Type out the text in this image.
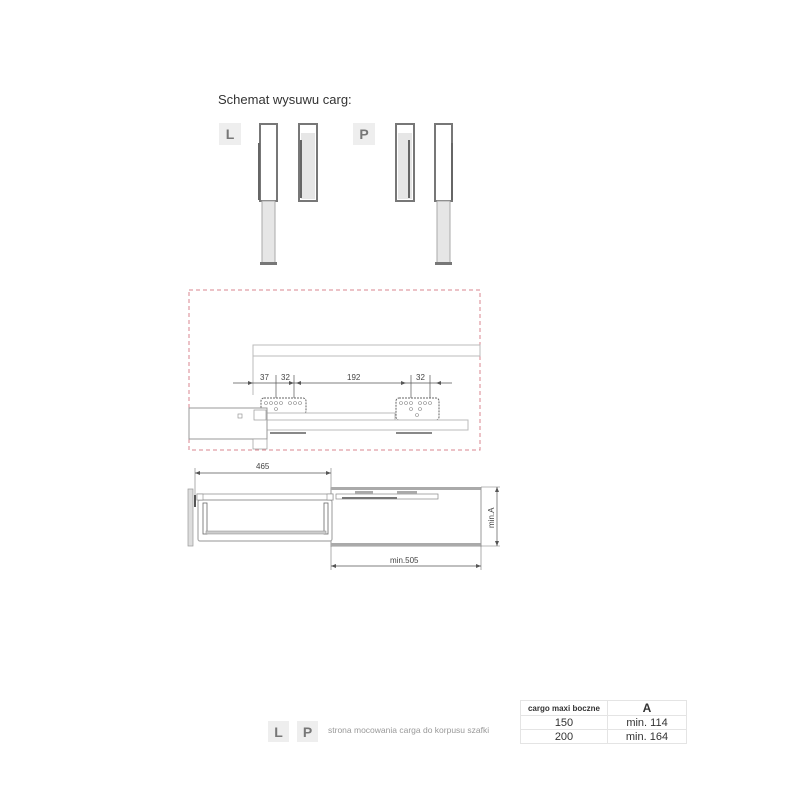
Schemat wysuwu carg:
L	P
37 32	192	32
465
min.A
min.505
L	P	strona mocowania carga do korpusu szafki
cargo maxi boczne	A
150	min. 114
200	min. 164
